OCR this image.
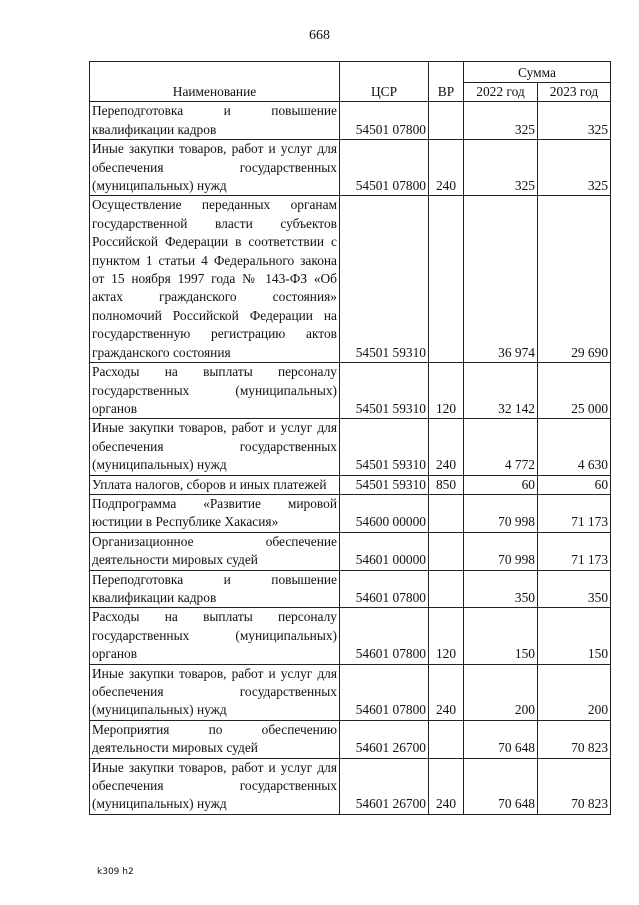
668
Наименование	ЦСР	ВР	Сумма	
			2022 год	2023 год
Переподготовка и повышение квалификации кадров	54501 07800		325	325
Иные закупки товаров, работ и услуг для обеспечения государственных (муниципальных) нужд	54501 07800	240	325	325
Осуществление переданных органам государственной власти субъектов Российской Федерации в соответствии с пунктом 1 статьи 4 Федерального закона от 15 ноября 1997 года № 143-ФЗ «Об актах гражданского состояния» полномочий Российской Федерации на государственную регистрацию актов гражданского состояния	54501 59310		36 974	29 690
Расходы на выплаты персоналу государственных (муниципальных) органов	54501 59310	120	32 142	25 000
Иные закупки товаров, работ и услуг для обеспечения государственных (муниципальных) нужд	54501 59310	240	4 772	4 630
Уплата налогов, сборов и иных платежей	54501 59310	850	60	60
Подпрограмма «Развитие мировой юстиции в Республике Хакасия»	54600 00000		70 998	71 173
Организационное обеспечение деятельности мировых судей	54601 00000		70 998	71 173
Переподготовка и повышение квалификации кадров	54601 07800		350	350
Расходы на выплаты персоналу государственных (муниципальных) органов	54601 07800	120	150	150
Иные закупки товаров, работ и услуг для обеспечения государственных (муниципальных) нужд	54601 07800	240	200	200
Мероприятия по обеспечению деятельности мировых судей	54601 26700		70 648	70 823
Иные закупки товаров, работ и услуг для обеспечения государственных (муниципальных) нужд	54601 26700	240	70 648	70 823
k309 h2
